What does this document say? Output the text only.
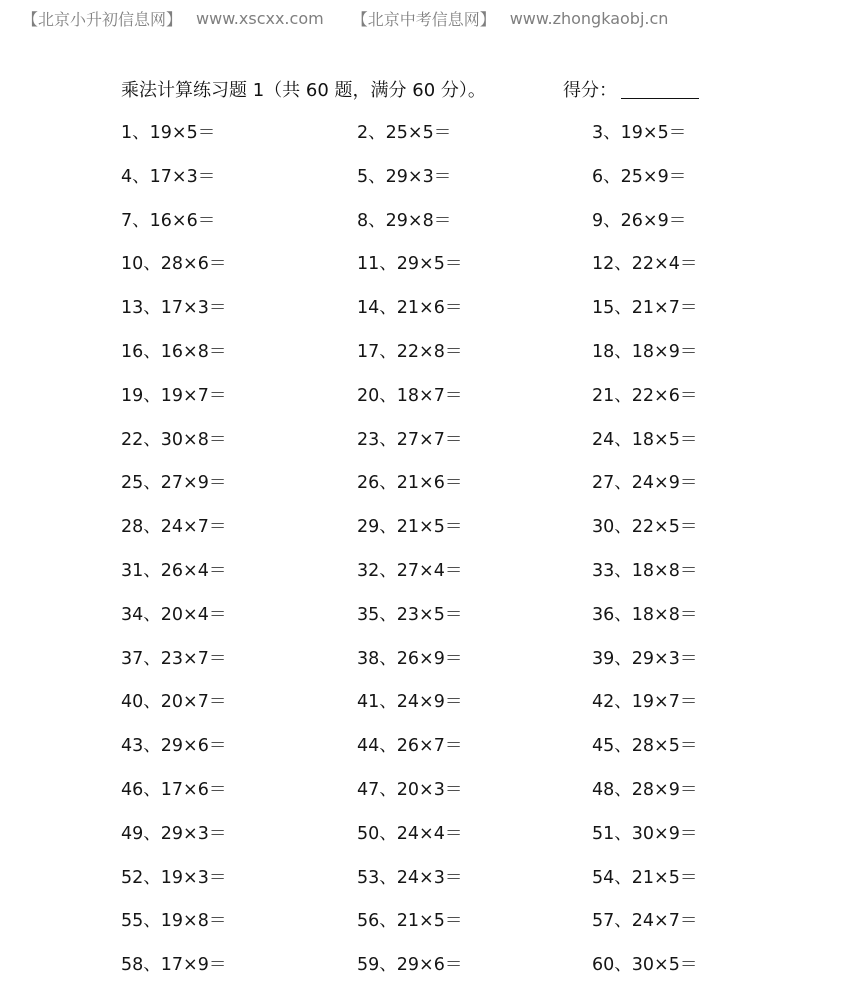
【北京小升初信息网】 www.xscxx.com 【北京中考信息网】 www.zhongkaobj.cn
乘法计算练习题 1（共 60 题，满分 60 分）。	得分：
1、19×5＝	2、25×5＝	3、19×5＝
4、17×3＝	5、29×3＝	6、25×9＝
7、16×6＝	8、29×8＝	9、26×9＝
10、28×6＝	11、29×5＝	12、22×4＝
13、17×3＝	14、21×6＝	15、21×7＝
16、16×8＝	17、22×8＝	18、18×9＝
19、19×7＝	20、18×7＝	21、22×6＝
22、30×8＝	23、27×7＝	24、18×5＝
25、27×9＝	26、21×6＝	27、24×9＝
28、24×7＝	29、21×5＝	30、22×5＝
31、26×4＝	32、27×4＝	33、18×8＝
34、20×4＝	35、23×5＝	36、18×8＝
37、23×7＝	38、26×9＝	39、29×3＝
40、20×7＝	41、24×9＝	42、19×7＝
43、29×6＝	44、26×7＝	45、28×5＝
46、17×6＝	47、20×3＝	48、28×9＝
49、29×3＝	50、24×4＝	51、30×9＝
52、19×3＝	53、24×3＝	54、21×5＝
55、19×8＝	56、21×5＝	57、24×7＝
58、17×9＝	59、29×6＝	60、30×5＝
